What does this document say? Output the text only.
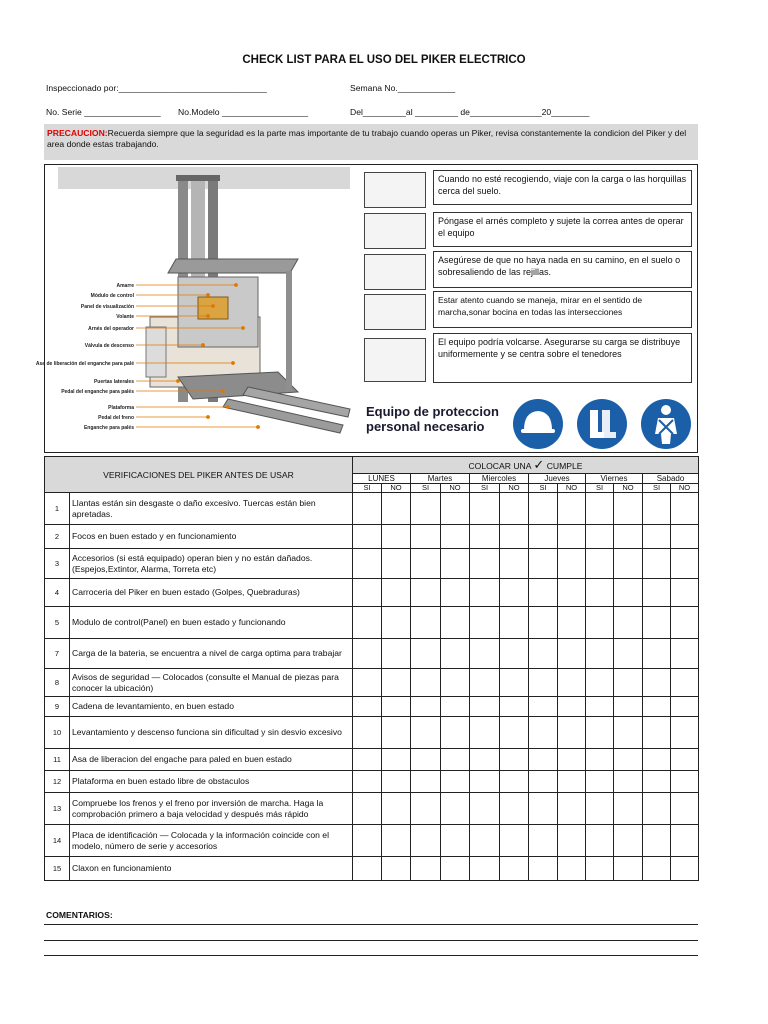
CHECK LIST PARA EL USO DEL PIKER ELECTRICO
Inspeccionado por:_______________________________	Semana No.____________
No. Serie ________________ No.Modelo __________________	Del_________al _________ de_______________20________
PRECAUCION:Recuerda siempre que la seguridad es la parte mas importante de tu trabajo cuando operas un Piker, revisa constantemente la condicion del Piker y del area donde estas trabajando.
Amarre
Módulo de control
Panel de visualización
Volante
Arnés del operador
Válvula de descenso
Asa de liberación del enganche para palé
Puertas laterales
Pedal del enganche para palés
Plataforma
Pedal del freno
Enganche para palés
Cuando no esté recogiendo, viaje con la carga o las horquillas cerca del suelo.
Póngase el arnés completo y sujete la correa antes de operar el equipo
Asegúrese de que no haya nada en su camino, en el suelo o sobresaliendo de las rejillas.
Estar atento cuando se maneja, mirar en el sentido de marcha,sonar bocina en todas las intersecciones
El equipo podría volcarse. Asegurarse su carga se distribuye uniformemente y se centra sobre el tenedores
Equipo de proteccion
personal necesario
VERIFICACIONES DEL PIKER ANTES DE USAR		COLOCAR UNA ✓ CUMPLE											
		LUNES		Martes		Miercoles		Jueves		Viernes		Sabado	
		SI	NO	SI	NO	SI	NO	SI	NO	SI	NO	SI	NO
1	Llantas están sin desgaste o daño excesivo. Tuercas están bien apretadas.												
2	Focos en buen estado y en funcionamiento												
3	Accesorios (si está equipado) operan bien y no están dañados.(Espejos,Extintor, Alarma, Torreta etc)												
4	Carroceria del Piker en buen estado (Golpes, Quebraduras)												
5	Modulo de control(Panel) en buen estado y funcionando												
7	Carga de la bateria, se encuentra a nivel de carga optima para trabajar												
8	Avisos de seguridad — Colocados (consulte el Manual de piezas para conocer la ubicación)												
9	Cadena de levantamiento, en buen estado												
10	Levantamiento y descenso funciona sin dificultad y sin desvio excesivo												
11	Asa de liberacion del engache para paled en buen estado												
12	Plataforma en buen estado libre de obstaculos												
13	Compruebe los frenos y el freno por inversión de marcha. Haga la comprobación primero a baja velocidad y después más rápido												
14	Placa de identificación — Colocada y la información coincide con el modelo, número de serie y accesorios												
15	Claxon en funcionamiento												
COMENTARIOS:
